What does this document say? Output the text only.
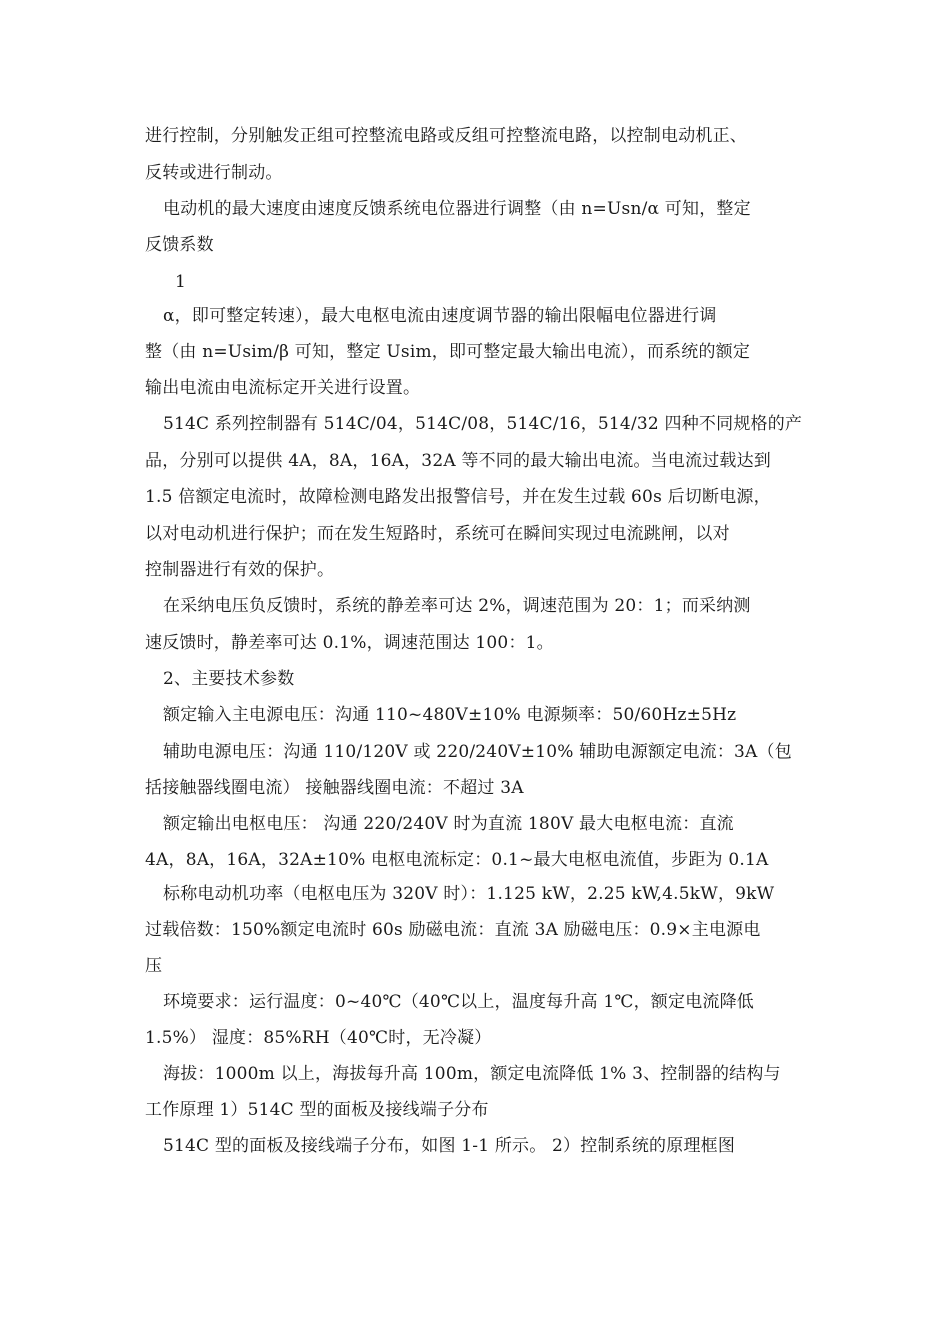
进行控制，分别触发正组可控整流电路或反组可控整流电路，以控制电动机正、
反转或进行制动。
电动机的最大速度由速度反馈系统电位器进行调整（由 n=Usn/α 可知，整定
反馈系数
1
α，即可整定转速），最大电枢电流由速度调节器的输出限幅电位器进行调
整（由 n=Usim/β 可知，整定 Usim，即可整定最大输出电流），而系统的额定
输出电流由电流标定开关进行设置。
514C 系列控制器有 514C/04，514C/08，514C/16，514/32 四种不同规格的产
品，分别可以提供 4A，8A，16A，32A 等不同的最大输出电流。当电流过载达到
1.5 倍额定电流时，故障检测电路发出报警信号，并在发生过载 60s 后切断电源，
以对电动机进行保护；而在发生短路时，系统可在瞬间实现过电流跳闸，以对
控制器进行有效的保护。
在采纳电压负反馈时，系统的静差率可达 2%，调速范围为 20：1；而采纳测
速反馈时，静差率可达 0.1%，调速范围达 100：1。
2、主要技术参数
额定输入主电源电压：沟通 110~480V±10% 电源频率：50/60Hz±5Hz
辅助电源电压：沟通 110/120V 或 220/240V±10% 辅助电源额定电流：3A（包
括接触器线圈电流） 接触器线圈电流：不超过 3A
额定输出电枢电压： 沟通 220/240V 时为直流 180V 最大电枢电流：直流
4A，8A，16A，32A±10% 电枢电流标定：0.1~最大电枢电流值，步距为 0.1A
标称电动机功率（电枢电压为 320V 时）：1.125 kW，2.25 kW,4.5kW，9kW
过载倍数：150%额定电流时 60s 励磁电流：直流 3A 励磁电压：0.9×主电源电
压
环境要求：运行温度：0~40℃（40℃以上，温度每升高 1℃，额定电流降低
1.5%） 湿度：85%RH（40℃时，无冷凝）
海拔：1000m 以上，海拔每升高 100m，额定电流降低 1% 3、控制器的结构与
工作原理 1）514C 型的面板及接线端子分布
514C 型的面板及接线端子分布，如图 1-1 所示。 2）控制系统的原理框图
